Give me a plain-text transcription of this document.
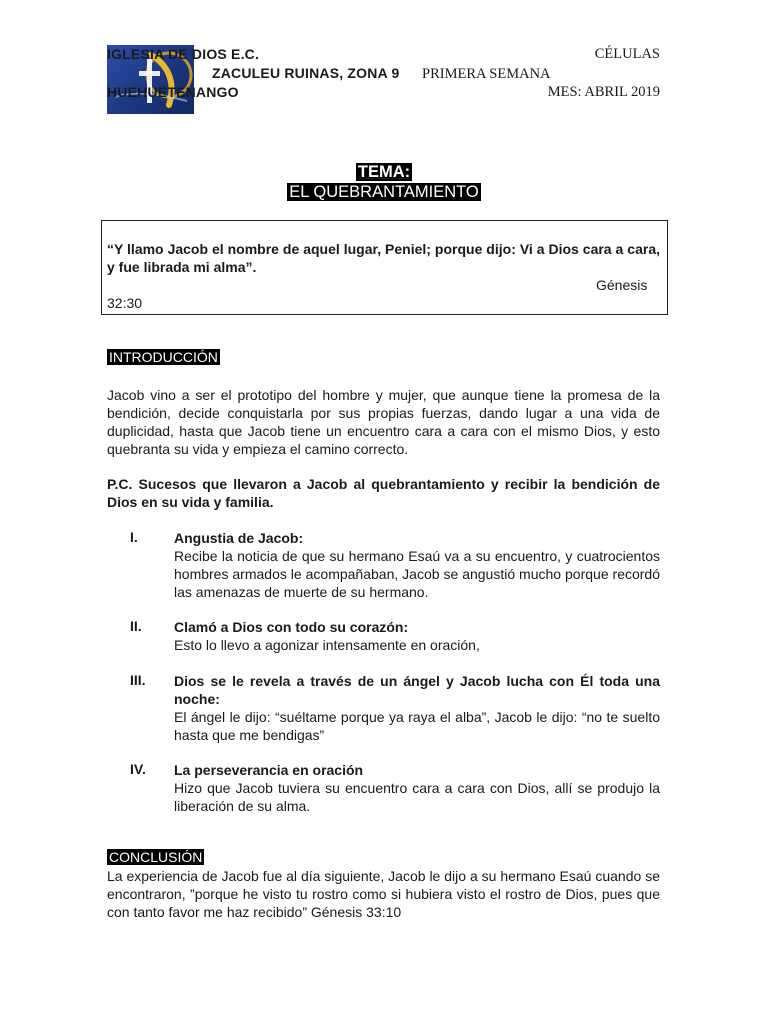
IGLESIA DE DIOS E.C.
ZACULEU RUINAS, ZONA 9
HUEHUETENANGO
CÉLULAS
PRIMERA SEMANA
MES: ABRIL 2019
TEMA:
EL QUEBRANTAMIENTO
“Y llamo Jacob el nombre de aquel lugar, Peniel; porque dijo: Vi a Dios cara a cara, y fue librada mi alma”.
Génesis
32:30
INTRODUCCIÓN
Jacob vino a ser el prototipo del hombre y mujer, que aunque tiene la promesa de la bendición, decide conquistarla por sus propias fuerzas, dando lugar a una vida de duplicidad, hasta que Jacob tiene un encuentro cara a cara con el mismo Dios, y esto quebranta su vida y empieza el camino correcto.
P.C. Sucesos que llevaron a Jacob al quebrantamiento y recibir la bendición de Dios en su vida y familia.
I.	Angustia de Jacob:
Recibe la noticia de que su hermano Esaú va a su encuentro, y cuatrocientos hombres armados le acompañaban, Jacob se angustió mucho porque recordó las amenazas de muerte de su hermano.
II. Clamó a Dios con todo su corazón:
Esto lo llevo a agonizar intensamente en oración,
III. Dios se le revela a través de un ángel y Jacob lucha con Él toda una noche:
El ángel le dijo: “suéltame porque ya raya el alba”, Jacob le dijo: “no te suelto hasta que me bendigas”
IV. La perseverancia en oración
Hizo que Jacob tuviera su encuentro cara a cara con Dios, allí se produjo la liberación de su alma.
CONCLUSIÓN
La experiencia de Jacob fue al día siguiente, Jacob le dijo a su hermano Esaú cuando se encontraron, ”porque he visto tu rostro como si hubiera visto el rostro de Dios, pues que con tanto favor me haz recibido” Génesis 33:10
